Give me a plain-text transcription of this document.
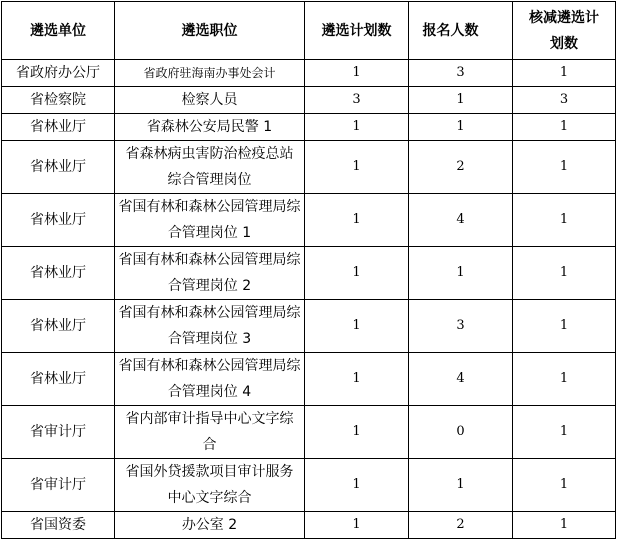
遴选单位	遴选职位	遴选计划数	报名人数	核减遴选计划数
省政府办公厅	省政府驻海南办事处会计	1	3	1
省检察院	检察人员	3	1	3
省林业厅	省森林公安局民警 1	1	1	1
省林业厅	省森林病虫害防治检疫总站综合管理岗位	1	2	1
省林业厅	省国有林和森林公园管理局综合管理岗位 1	1	4	1
省林业厅	省国有林和森林公园管理局综合管理岗位 2	1	1	1
省林业厅	省国有林和森林公园管理局综合管理岗位 3	1	3	1
省林业厅	省国有林和森林公园管理局综合管理岗位 4	1	4	1
省审计厅	省内部审计指导中心文字综合	1	0	1
省审计厅	省国外贷援款项目审计服务中心文字综合	1	1	1
省国资委	办公室 2	1	2	1
